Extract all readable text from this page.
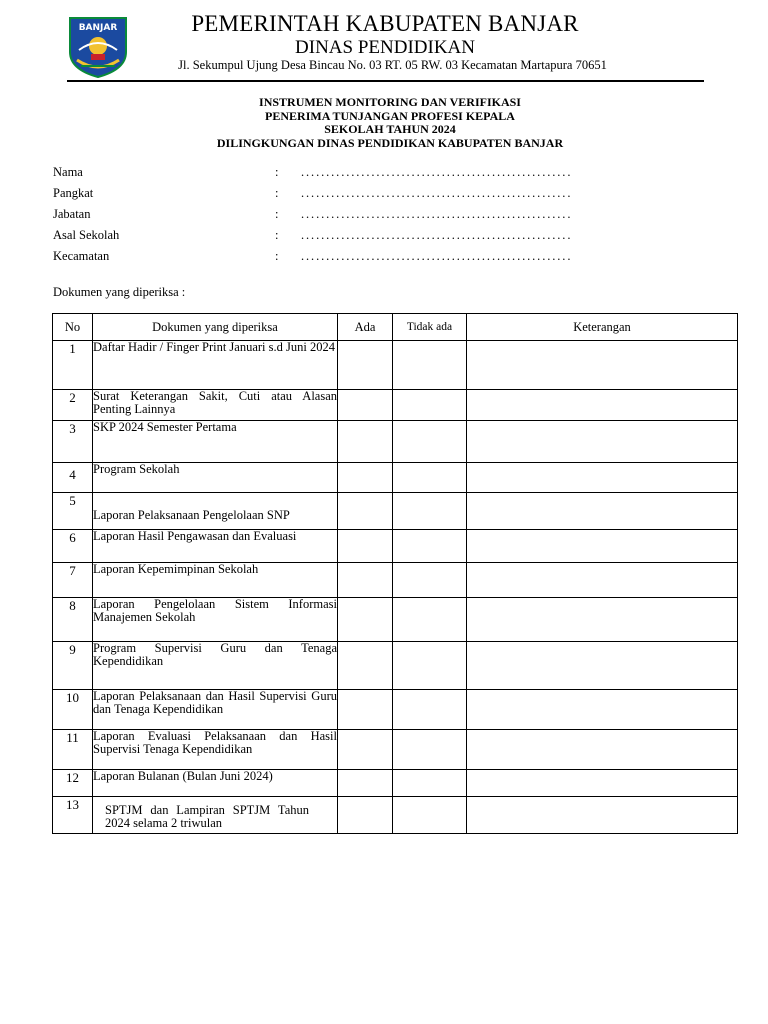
BANJAR	PEMERINTAH KABUPATEN BANJAR
DINAS PENDIDIKAN
Jl. Sekumpul Ujung Desa Bincau No. 03 RT. 05 RW. 03 Kecamatan Martapura 70651
INSTRUMEN MONITORING DAN VERIFIKASI
PENERIMA TUNJANGAN PROFESI KEPALA
SEKOLAH TAHUN 2024
DILINGKUNGAN DINAS PENDIDIKAN KABUPATEN BANJAR
Nama	: ......................................................
Pangkat	: ......................................................
Jabatan	: ......................................................
Asal Sekolah	: ......................................................
Kecamatan	: ......................................................
Dokumen yang diperiksa :
No	Dokumen yang diperiksa	Ada	Tidak ada	Keterangan
1	Daftar Hadir / Finger Print Januari s.d Juni 2024			
2	Surat Keterangan Sakit, Cuti atau Alasan Penting Lainnya			
3	SKP 2024 Semester Pertama			
4	Program Sekolah			
5	Laporan Pelaksanaan Pengelolaan SNP			
6	Laporan Hasil Pengawasan dan Evaluasi			
7	Laporan Kepemimpinan Sekolah			
8	Laporan Pengelolaan Sistem Informasi Manajemen Sekolah			
9	Program Supervisi Guru dan Tenaga Kependidikan			
10	Laporan Pelaksanaan dan Hasil Supervisi Guru dan Tenaga Kependidikan			
11	Laporan Evaluasi Pelaksanaan dan Hasil Supervisi Tenaga Kependidikan			
12	Laporan Bulanan (Bulan Juni 2024)			
13	SPTJM dan Lampiran SPTJM Tahun 2024 selama 2 triwulan			
